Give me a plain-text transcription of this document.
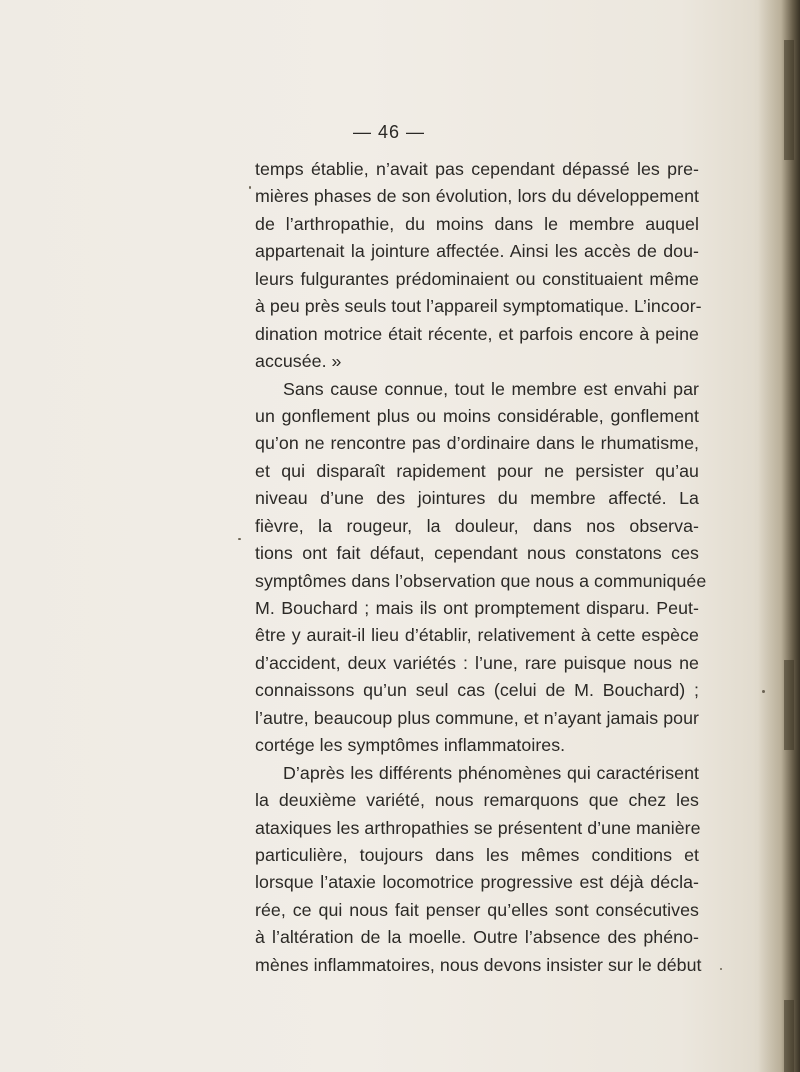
— 46 —
temps établie, n’avait pas cependant dépassé les pre-
mières phases de son évolution, lors du développement
de l’arthropathie, du moins dans le membre auquel
appartenait la jointure affectée. Ainsi les accès de dou-
leurs fulgurantes prédominaient ou constituaient même
à peu près seuls tout l’appareil symptomatique. L’incoor-
dination motrice était récente, et parfois encore à peine
accusée. »
Sans cause connue, tout le membre est envahi par
un gonflement plus ou moins considérable, gonflement
qu’on ne rencontre pas d’ordinaire dans le rhumatisme,
et qui disparaît rapidement pour ne persister qu’au
niveau d’une des jointures du membre affecté. La
fièvre, la rougeur, la douleur, dans nos observa-
tions ont fait défaut, cependant nous constatons ces
symptômes dans l’observation que nous a communiquée
M. Bouchard ; mais ils ont promptement disparu. Peut-
être y aurait-il lieu d’établir, relativement à cette espèce
d’accident, deux variétés : l’une, rare puisque nous ne
connaissons qu’un seul cas (celui de M. Bouchard) ;
l’autre, beaucoup plus commune, et n’ayant jamais pour
cortége les symptômes inflammatoires.
D’après les différents phénomènes qui caractérisent
la deuxième variété, nous remarquons que chez les
ataxiques les arthropathies se présentent d’une manière
particulière, toujours dans les mêmes conditions et
lorsque l’ataxie locomotrice progressive est déjà décla-
rée, ce qui nous fait penser qu’elles sont consécutives
à l’altération de la moelle. Outre l’absence des phéno-
mènes inflammatoires, nous devons insister sur le début
